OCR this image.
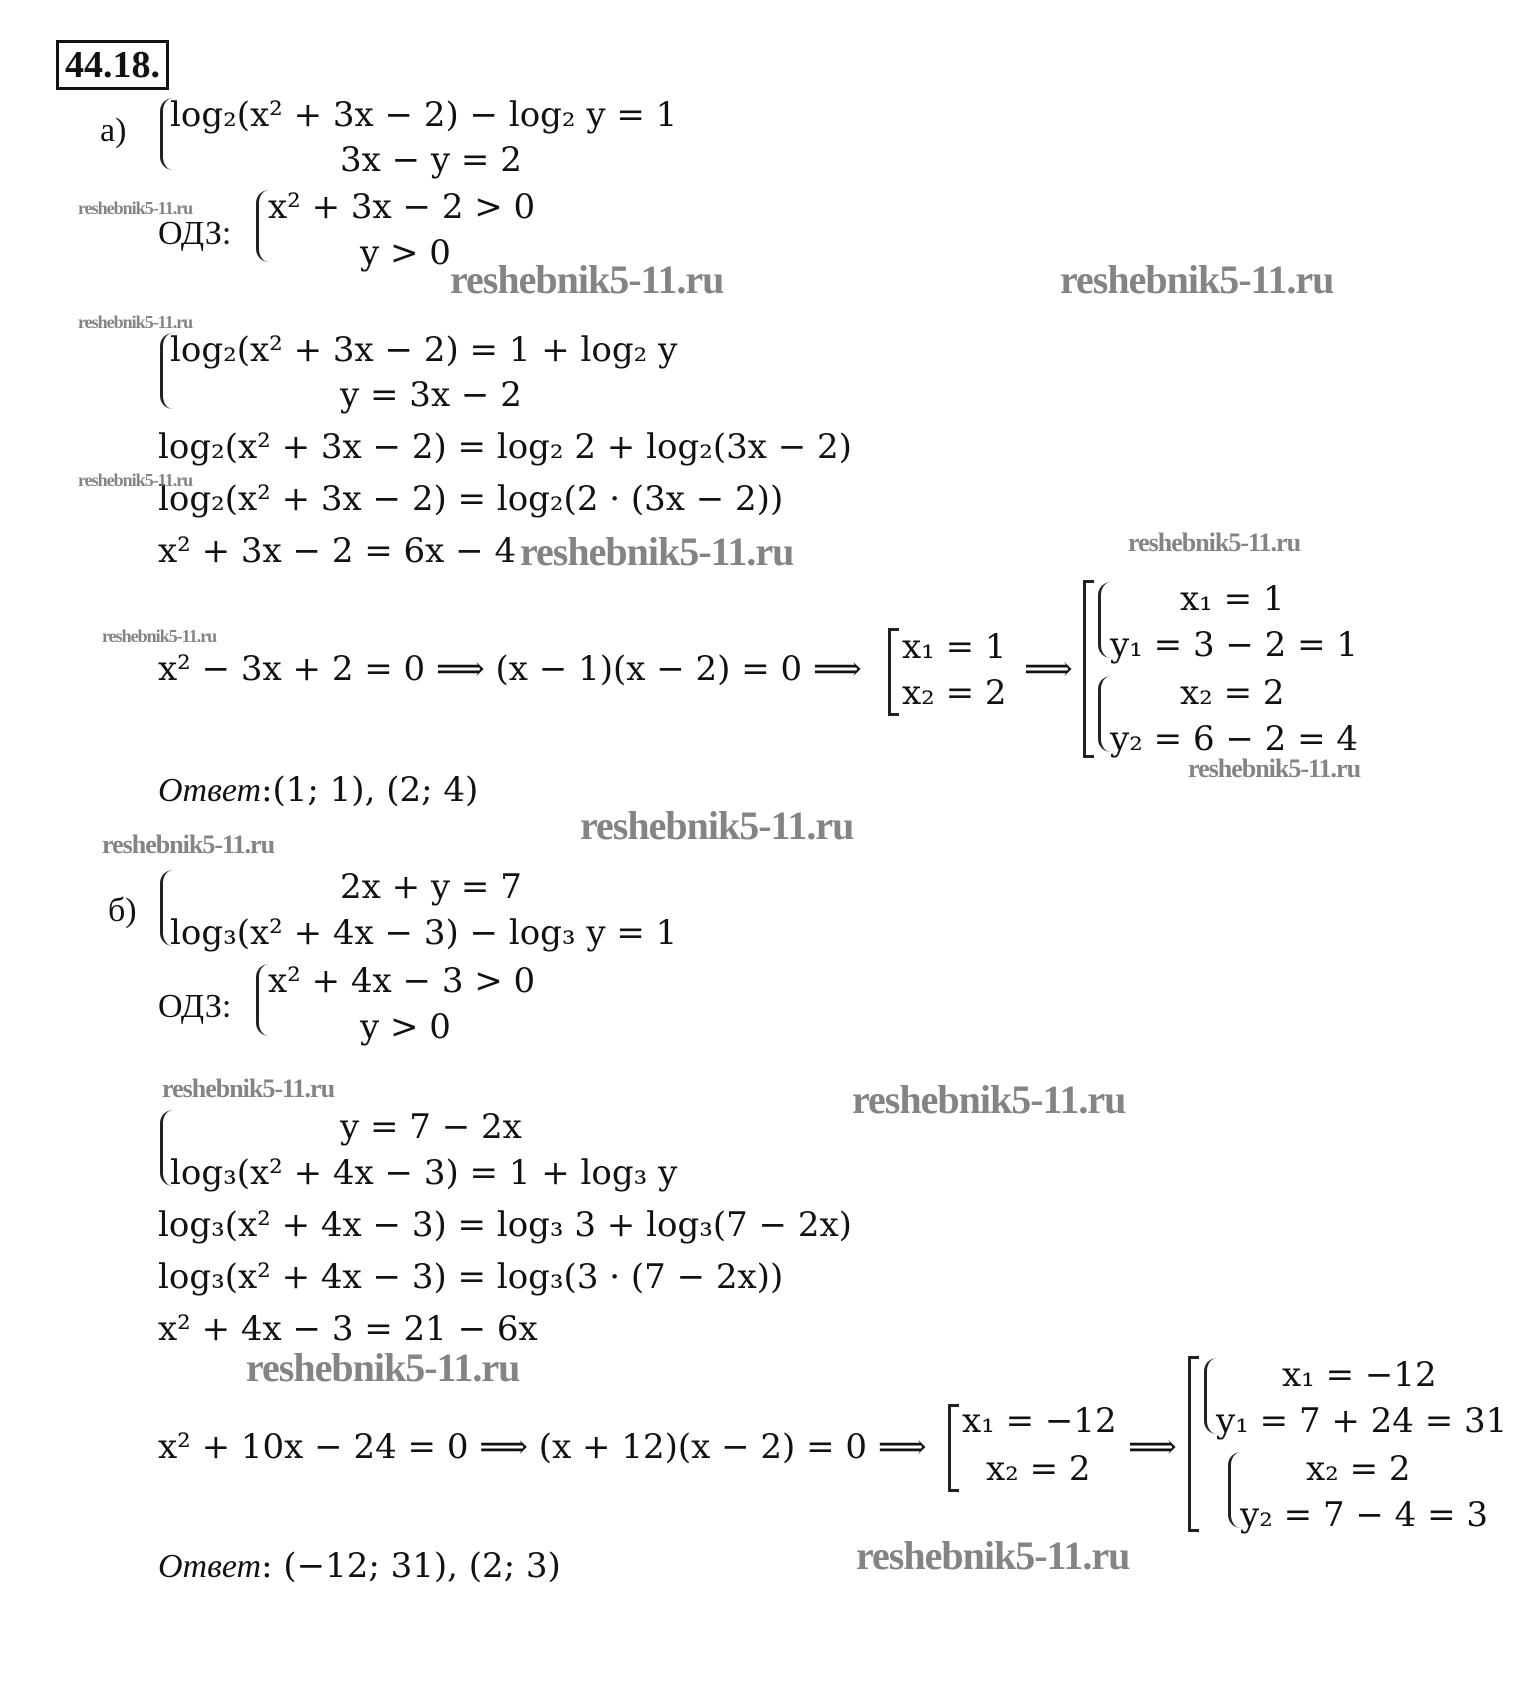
44.18.
а) log₂(x² + 3x − 2) − log₂ y = 1
3x − y = 2
ОДЗ:
x² + 3x − 2 > 0
y > 0
log₂(x² + 3x − 2) = 1 + log₂ y
y = 3x − 2
log₂(x² + 3x − 2) = log₂ 2 + log₂(3x − 2)
log₂(x² + 3x − 2) = log₂(2 · (3x − 2))
x² + 3x − 2 = 6x − 4
x² − 3x + 2 = 0 ⟹ (x − 1)(x − 2) = 0 ⟹
x₁ = 1
x₂ = 2
⟹
x₁ = 1
y₁ = 3 − 2 = 1
x₂ = 2
y₂ = 6 − 2 = 4
Ответ:(1; 1), (2; 4)
б)
2x + y = 7
log₃(x² + 4x − 3) − log₃ y = 1
ОДЗ:
x² + 4x − 3 > 0
y > 0
y = 7 − 2x
log₃(x² + 4x − 3) = 1 + log₃ y
log₃(x² + 4x − 3) = log₃ 3 + log₃(7 − 2x)
log₃(x² + 4x − 3) = log₃(3 · (7 − 2x))
x² + 4x − 3 = 21 − 6x
x² + 10x − 24 = 0 ⟹ (x + 12)(x − 2) = 0 ⟹
x₁ = −12
x₂ = 2
⟹
x₁ = −12
y₁ = 7 + 24 = 31
x₂ = 2
y₂ = 7 − 4 = 3
Ответ: (−12; 31), (2; 3)
reshebnik5-11.ru
reshebnik5-11.ru	reshebnik5-11.ru
reshebnik5-11.ru
reshebnik5-11.ru
reshebnik5-11.ru	reshebnik5-11.ru
reshebnik5-11.ru
reshebnik5-11.ru
reshebnik5-11.ru	reshebnik5-11.ru
reshebnik5-11.ru	reshebnik5-11.ru
reshebnik5-11.ru
reshebnik5-11.ru
